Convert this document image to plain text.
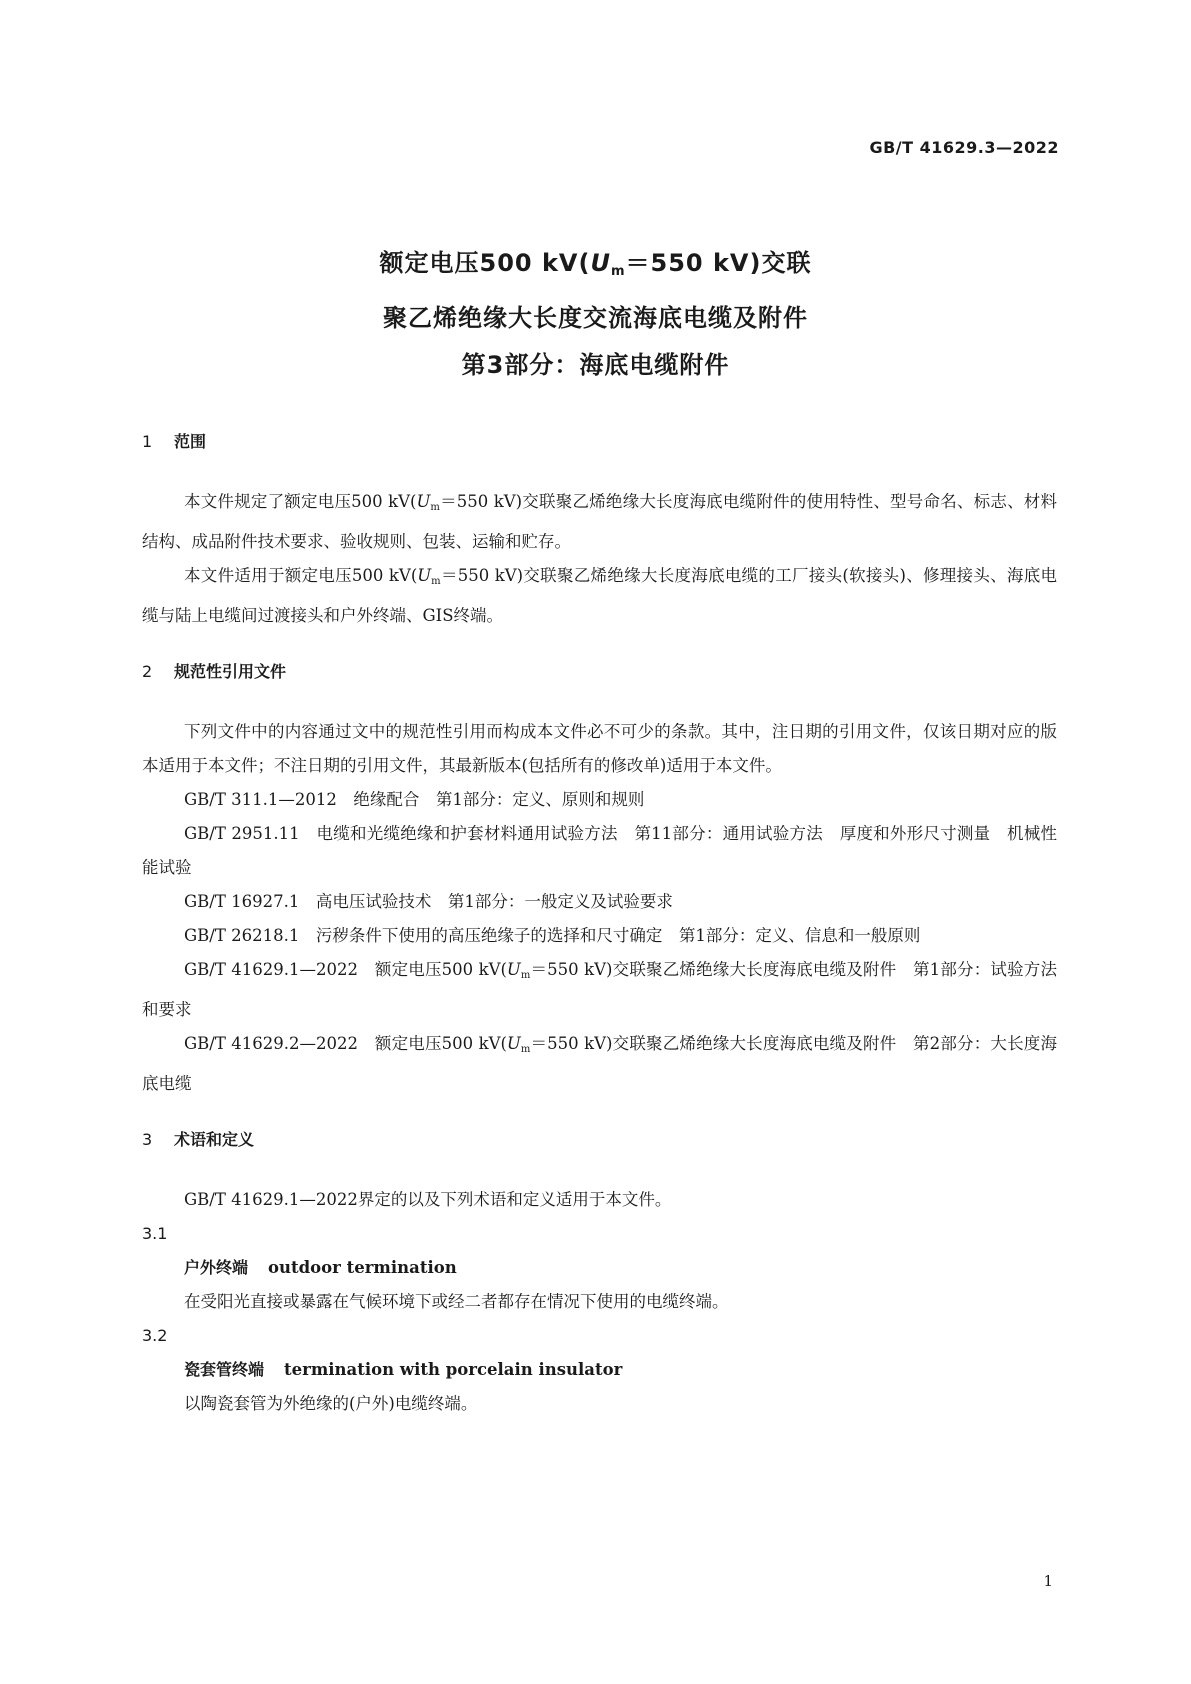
GB/T 41629.3—2022
额定电压500 $kV(U_m=550$ kV)交联
聚乙烯绝缘大长度交流海底电缆及附件
第3部分：海底电缆附件

1 范围

本文件规定了额定电压500 $kV(U_m=550$ kV)交联聚乙烯绝缘大长度海底电缆附件的使用特性、型号命名、标志、材料结构、成品附件技术要求、验收规则、包装、运输和贮存。

本文件适用于额定电压500 $kV(U_m=550$ kV)交联聚乙烯绝缘大长度海底电缆的工厂接头(软接头)、修理接头、海底电缆与陆上电缆间过渡接头和户外终端、GIS终端。

2 规范性引用文件

下列文件中的内容通过文中的规范性引用而构成本文件必不可少的条款。其中，注日期的引用文件，仅该日期对应的版本适用于本文件；不注日期的引用文件，其最新版本(包括所有的修改单)适用于本文件。

GB/T 311.1—2012　绝缘配合　第1部分：定义、原则和规则

GB/T 2951.11　电缆和光缆绝缘和护套材料通用试验方法　第11部分：通用试验方法　厚度和外形尺寸测量　机械性能试验

GB/T 16927.1　高电压试验技术　第1部分：一般定义及试验要求

GB/T 26218.1　污秽条件下使用的高压绝缘子的选择和尺寸确定　第1部分：定义、信息和一般原则

GB/T 41629.1—2022　额定电压500 $kV(U_m=550$ kV)交联聚乙烯绝缘大长度海底电缆及附件　第1部分：试验方法和要求

GB/T 41629.2—2022　额定电压500 $kV(U_m=550$ kV)交联聚乙烯绝缘大长度海底电缆及附件　第2部分：大长度海底电缆

3 术语和定义

GB/T 41629.1—2022界定的以及下列术语和定义适用于本文件。

3.1

户外终端 outdoor termination

在受阳光直接或暴露在气候环境下或经二者都存在情况下使用的电缆终端。

3.2

瓷套管终端 termination with porcelain insulator

以陶瓷套管为外绝缘的(户外)电缆终端。

1
